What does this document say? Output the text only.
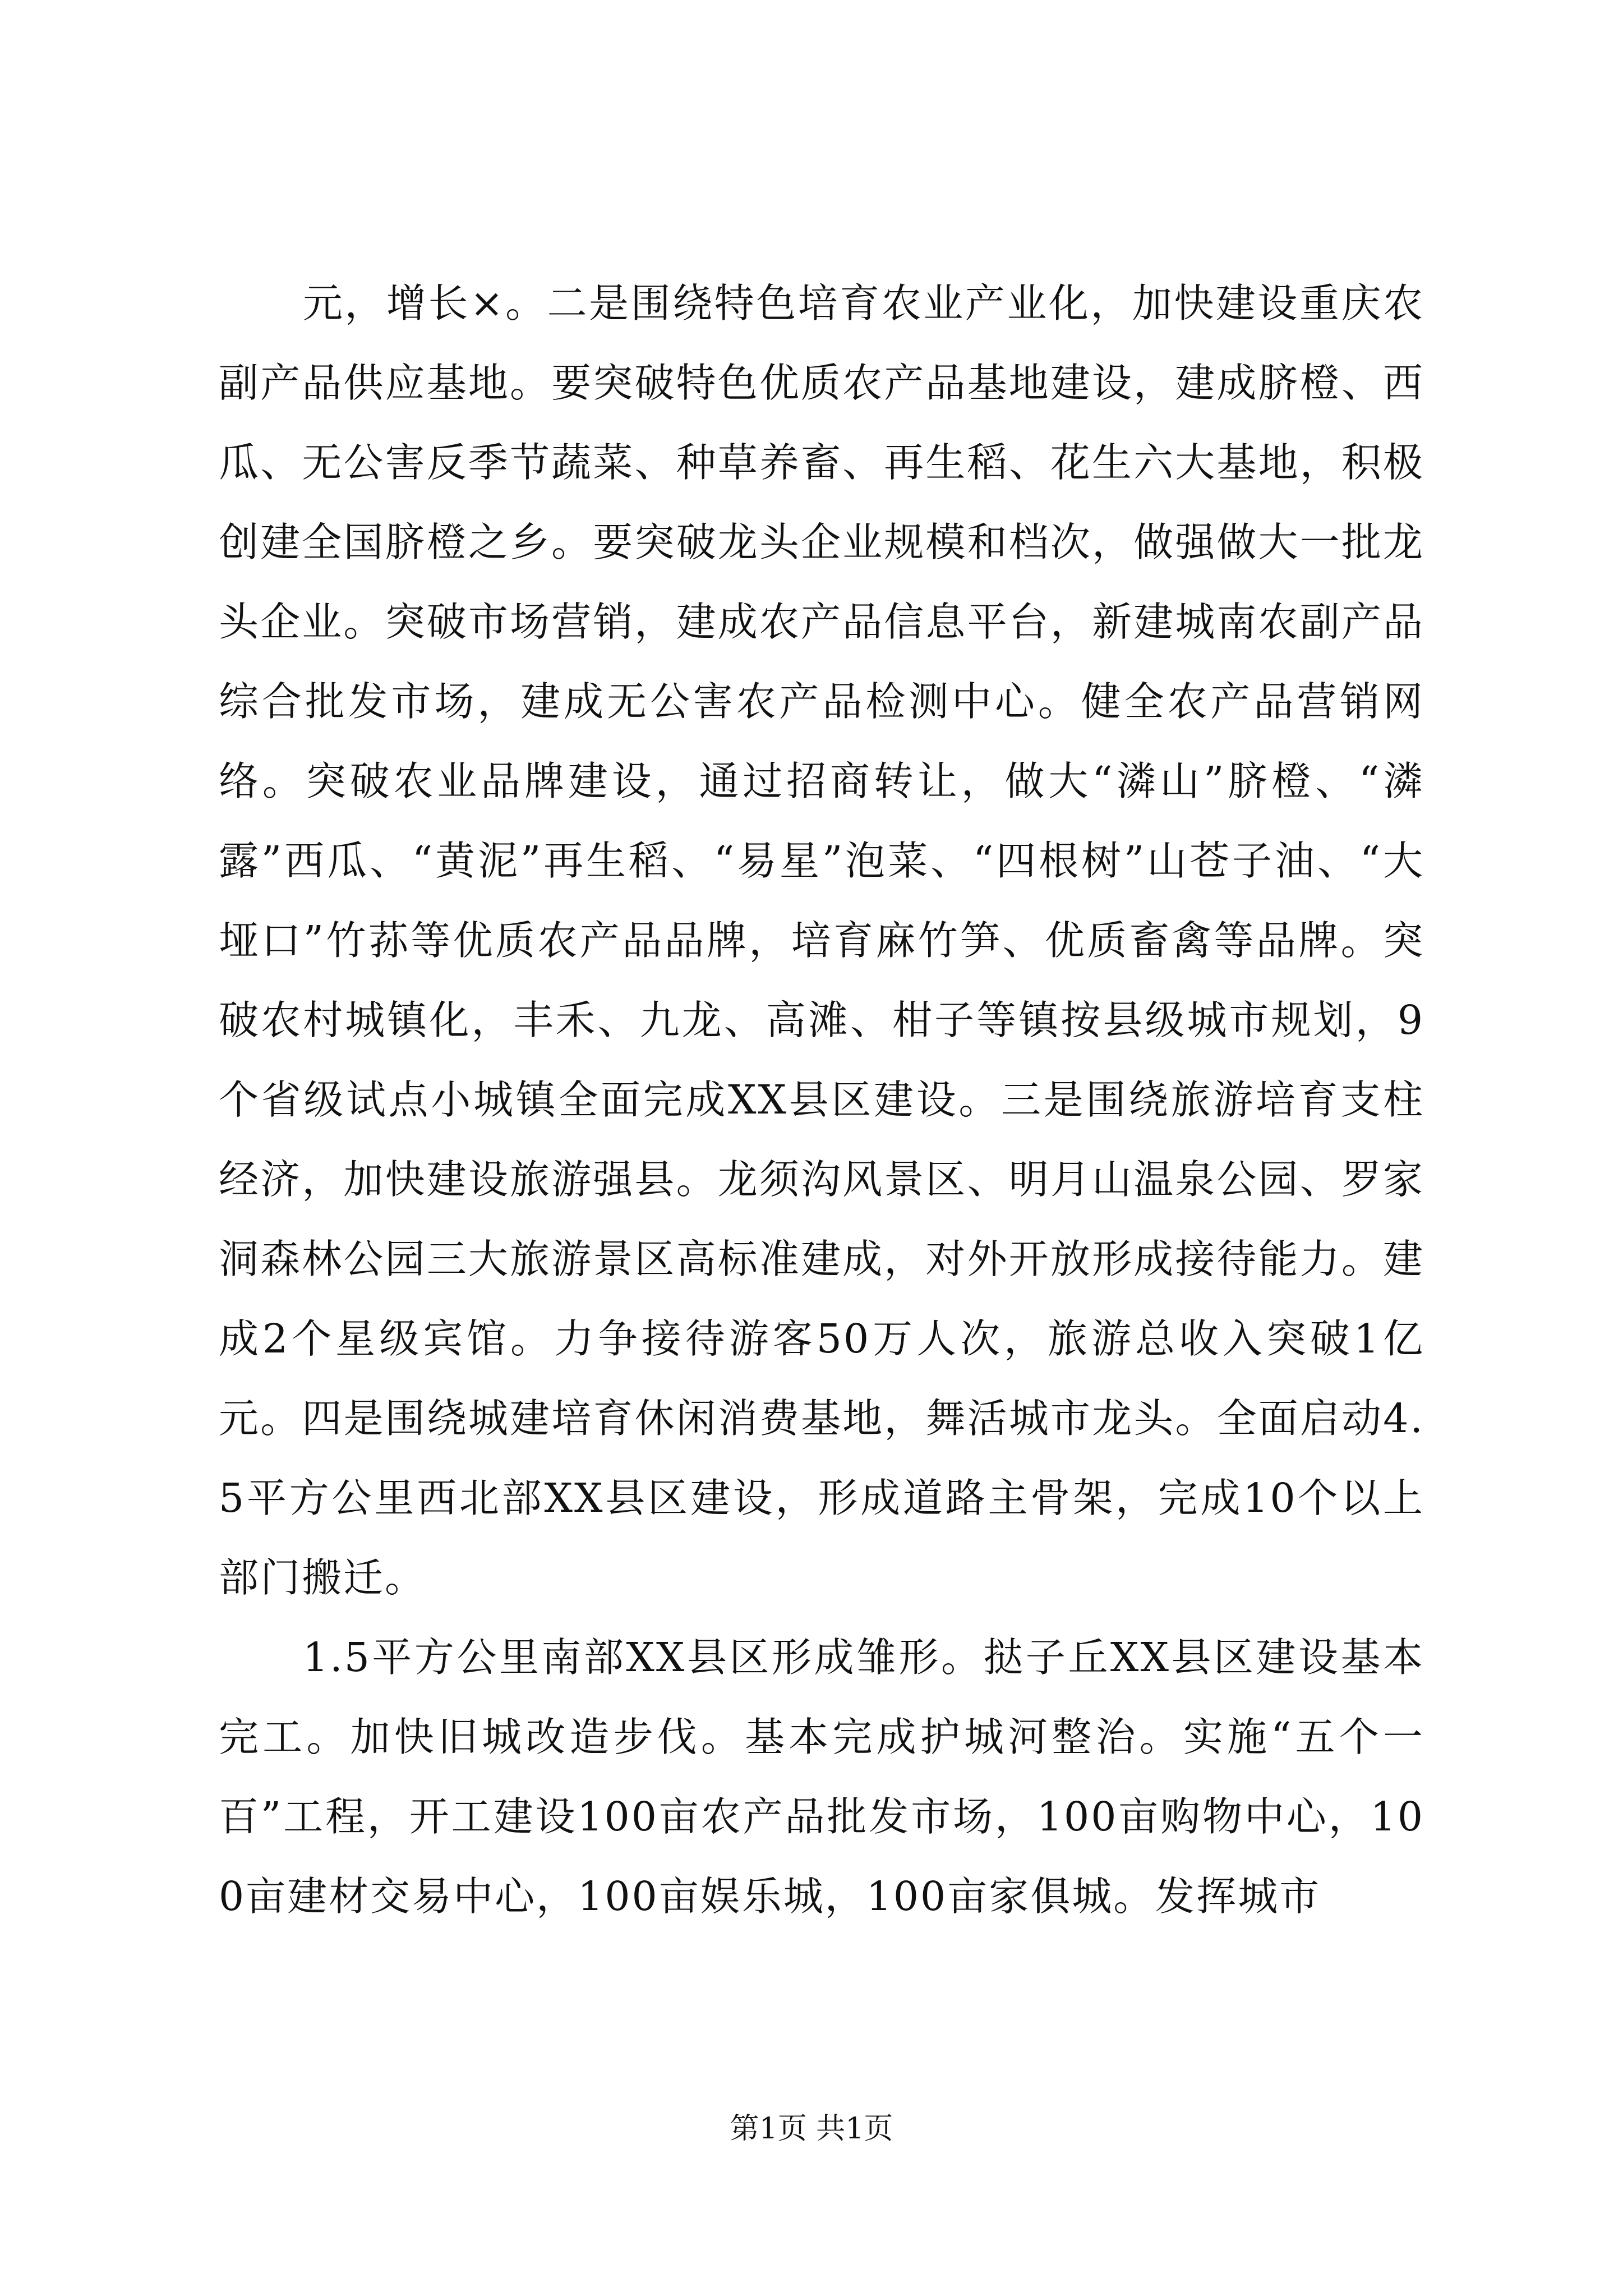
元，增长×。二是围绕特色培育农业产业化，加快建设重庆农副产品供应基地。要突破特色优质农产品基地建设，建成脐橙、西瓜、无公害反季节蔬菜、种草养畜、再生稻、花生六大基地，积极创建全国脐橙之乡。要突破龙头企业规模和档次，做强做大一批龙头企业。突破市场营销，建成农产品信息平台，新建城南农副产品综合批发市场，建成无公害农产品检测中心。健全农产品营销网络。突破农业品牌建设，通过招商转让，做大“潾山”脐橙、“潾露”西瓜、“黄泥”再生稻、“易星”泡菜、“四根树”山苍子油、“大垭口”竹荪等优质农产品品牌，培育麻竹笋、优质畜禽等品牌。突破农村城镇化，丰禾、九龙、高滩、柑子等镇按县级城市规划，9个省级试点小城镇全面完成XX县区建设。三是围绕旅游培育支柱经济，加快建设旅游强县。龙须沟风景区、明月山温泉公园、罗家洞森林公园三大旅游景区高标准建成，对外开放形成接待能力。建成2个星级宾馆。力争接待游客50万人次，旅游总收入突破1亿元。四是围绕城建培育休闲消费基地，舞活城市龙头。全面启动4.5平方公里西北部XX县区建设，形成道路主骨架，完成10个以上部门搬迁。

1.5平方公里南部XX县区形成雏形。挞子丘XX县区建设基本完工。加快旧城改造步伐。基本完成护城河整治。实施“五个一百”工程，开工建设100亩农产品批发市场，100亩购物中心，100亩建材交易中心，100亩娱乐城，100亩家俱城。发挥城市

第1页 共1页
